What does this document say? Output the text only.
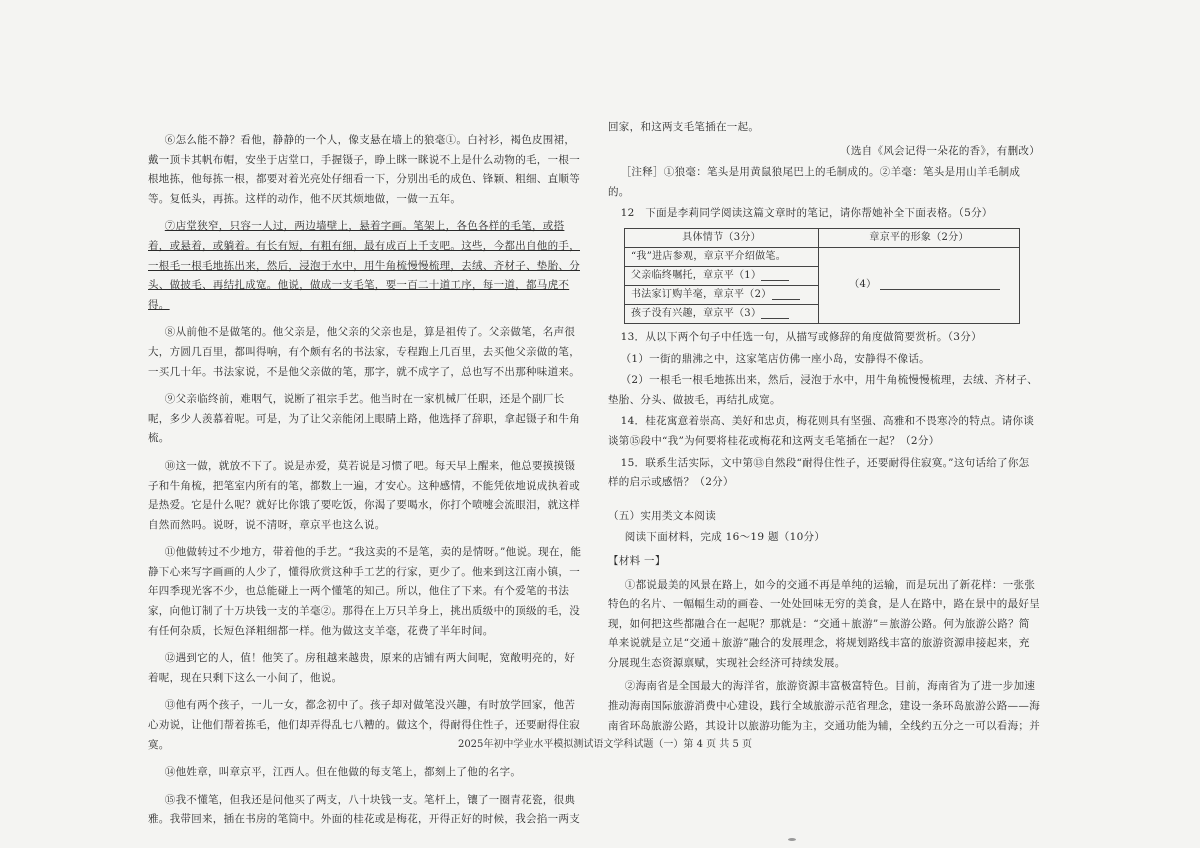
⑥怎么能不静？看他，静静的一个人，像支悬在墙上的狼毫①。白衬衫，褐色皮围裙，戴一顶卡其帆布帽，安坐于店堂口，手握镊子，睁上眯一眯说不上是什么动物的毛，一根一根地拣，他每拣一根，都要对着光亮处仔细看一下，分别出毛的成色、锋颖、粗细、直顺等等。复低头，再拣。这样的动作，他不厌其烦地做，一做一五年。

⑦店堂狭窄，只容一人过，两边墙壁上，悬着字画。笔架上，各色各样的毛笔，或搭着，或悬着，或躺着。有长有短，有粗有细，最有成百上千支吧。这些，今都出自他的手，一根毛一根毛地拣出来，然后，浸泡于水中，用牛角梳慢慢梳理，去绒、齐材子、垫胎、分头、做披毛、再结扎成宽。他说，做成一支毛笔，要一百二十道工序，每一道，都马虎不得。

⑧从前他不是做笔的。他父亲是，他父亲的父亲也是，算是祖传了。父亲做笔，名声很大，方圆几百里，都叫得响，有个颇有名的书法家，专程跑上几百里，去买他父亲做的笔，一买几十年。书法家说，不是他父亲做的笔，那字，就不成字了，总也写不出那种味道来。

⑨父亲临终前，难咽气，说断了祖宗手艺。他当时在一家机械厂任职，还是个副厂长呢，多少人羡慕着呢。可是，为了让父亲能闭上眼睛上路，他选择了辞职，拿起镊子和牛角梳。

⑩这一做，就放不下了。说是赤爱，莫若说是习惯了吧。每天早上醒来，他总要摸摸镊子和牛角梳，把笔室内所有的笔，都数上一遍，才安心。这种感情，不能凭依地说成执着或是热爱。它是什么呢？就好比你饿了要吃饭，你渴了要喝水，你打个喷嚏会流眼泪，就这样自然而然吗。说呀，说不清呀，章京平也这么说。

⑪他做转过不少地方，带着他的手艺。“我这卖的不是笔，卖的是情呀。”他说。现在，能静下心来写字画画的人少了，懂得欣赏这种手工艺的行家，更少了。他来到这江南小镇，一年四季现光客不少，也总能碰上一两个懂笔的知己。所以，他住了下来。有个爱笔的书法家，向他订制了十万块钱一支的羊毫②。那得在上万只羊身上，挑出质级中的顶级的毛，没有任何杂质，长短色泽粗细都一样。他为做这支羊毫，花费了半年时间。

⑫遇到它的人，值！他笑了。房租越来越贵，原来的店铺有两大间呢，宽敞明亮的，好着呢，现在只剩下这么一小间了，他说。

⑬他有两个孩子，一儿一女，都念初中了。孩子却对做笔没兴趣，有时放学回家，他苦心劝说，让他们帮着拣毛，他们却弄得乱七八糟的。做这个，得耐得住性子，还要耐得住寂寞。

⑭他姓章，叫章京平，江西人。但在他做的每支笔上，都刻上了他的名字。

⑮我不懂笔，但我还是问他买了两支，八十块钱一支。笔杆上，镶了一圈青花瓷，很典雅。我带回来，插在书房的笔筒中。外面的桂花或是梅花，开得正好的时候，我会掐一两支

回家，和这两支毛笔插在一起。

（选自《风会记得一朵花的香》，有删改）

［注释］①狼毫：笔头是用黄鼠狼尾巴上的毛制成的。②羊毫：笔头是用山羊毛制成的。

12　下面是李莉同学阅读这篇文章时的笔记，请你帮她补全下面表格。（5分）

具体情节（3分）	章京平的形象（2分）
“我”进店参观，章京平介绍做笔。	（4）
父亲临终嘱托，章京平（1）	
书法家订购羊毫，章京平（2）	
孩子没有兴趣，章京平（3）	

13．从以下两个句子中任选一句，从描写或修辞的角度做简要赏析。（3分）

（1）一街的鼎沸之中，这家笔店仿佛一座小岛，安静得不像话。

（2）一根毛一根毛地拣出来，然后，浸泡于水中，用牛角梳慢慢梳理，去绒、齐材子、垫胎、分头、做披毛，再结扎成宽。

14．桂花寓意着崇高、美好和忠贞，梅花则具有坚强、高雅和不畏寒冷的特点。请你谈谈第⑮段中“我”为何要将桂花或梅花和这两支毛笔插在一起？（2分）

15．联系生活实际，文中第⑬自然段“耐得住性子，还要耐得住寂寞。”这句话给了你怎样的启示或感悟？（2分）

（五）实用类文本阅读

阅读下面材料，完成 16～19 题（10分）

【材料 一】

①都说最美的风景在路上，如今的交通不再是单纯的运输，而是玩出了新花样：一张张特色的名片、一幅幅生动的画卷、一处处回味无穷的美食，是人在路中，路在景中的最好呈现，如何把这些都融合在一起呢？那就是：“交通＋旅游”＝旅游公路。何为旅游公路？简单来说就是立足“交通＋旅游”融合的发展理念，将规划路线丰富的旅游资源串接起来，充分展现生态资源禀赋，实现社会经济可持续发展。

②海南省是全国最大的海洋省，旅游资源丰富极富特色。目前，海南省为了进一步加速推动海南国际旅游消费中心建设，践行全域旅游示范省理念，建设一条环岛旅游公路——海南省环岛旅游公路，其设计以旅游功能为主，交通功能为辅，全线约五分之一可以看海；并

2025年初中学业水平模拟测试语文学科试题（一）第 4 页 共 5 页
